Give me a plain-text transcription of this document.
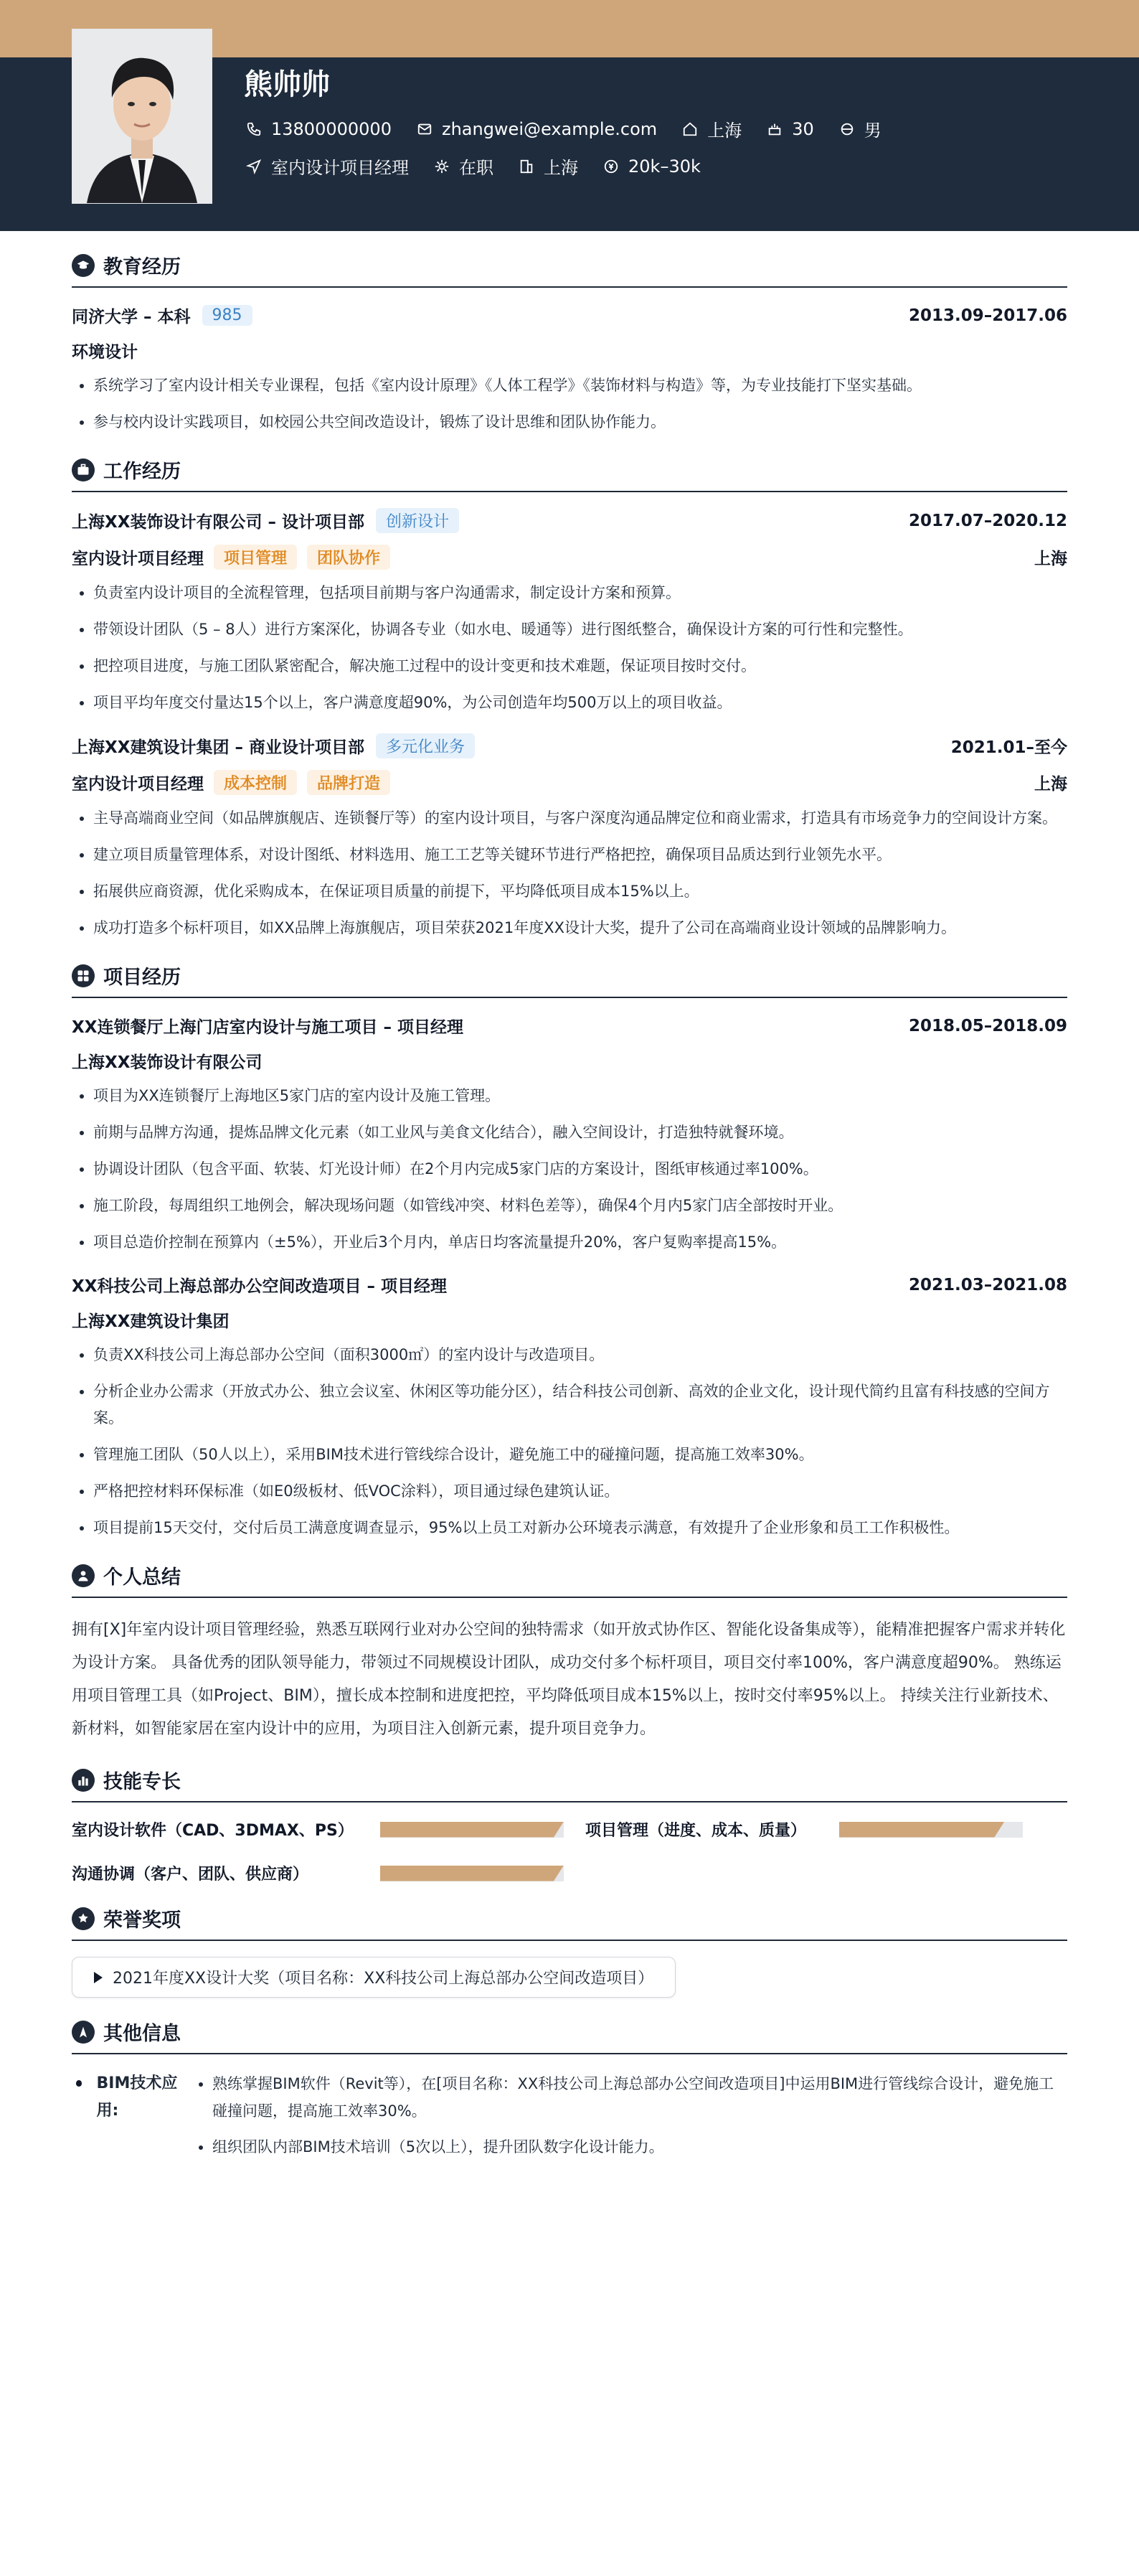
熊帅帅
13800000000	zhangwei@example.com	上海	30	男
室内设计项目经理	在职	上海	20k–30k
教育经历
同济大学 – 本科	985	2013.09–2017.06
环境设计
• 系统学习了室内设计相关专业课程，包括《室内设计原理》《人体工程学》《装饰材料与构造》等，为专业技能打下坚实基础。
• 参与校内设计实践项目，如校园公共空间改造设计，锻炼了设计思维和团队协作能力。
工作经历
上海XX装饰设计有限公司 – 设计项目部	创新设计	2017.07–2020.12
室内设计项目经理	项目管理	团队协作	上海
• 负责室内设计项目的全流程管理，包括项目前期与客户沟通需求，制定设计方案和预算。
• 带领设计团队（5 – 8人）进行方案深化，协调各专业（如水电、暖通等）进行图纸整合，确保设计方案的可行性和完整性。
• 把控项目进度，与施工团队紧密配合，解决施工过程中的设计变更和技术难题，保证项目按时交付。
• 项目平均年度交付量达15个以上，客户满意度超90%，为公司创造年均500万以上的项目收益。
上海XX建筑设计集团 – 商业设计项目部	多元化业务	2021.01–至今
室内设计项目经理	成本控制	品牌打造	上海
• 主导高端商业空间（如品牌旗舰店、连锁餐厅等）的室内设计项目，与客户深度沟通品牌定位和商业需求，打造具有市场竞争力的空间设计方案。
• 建立项目质量管理体系，对设计图纸、材料选用、施工工艺等关键环节进行严格把控，确保项目品质达到行业领先水平。
• 拓展供应商资源，优化采购成本，在保证项目质量的前提下，平均降低项目成本15%以上。
• 成功打造多个标杆项目，如XX品牌上海旗舰店，项目荣获2021年度XX设计大奖，提升了公司在高端商业设计领域的品牌影响力。
项目经历
XX连锁餐厅上海门店室内设计与施工项目 – 项目经理	2018.05–2018.09
上海XX装饰设计有限公司
• 项目为XX连锁餐厅上海地区5家门店的室内设计及施工管理。
• 前期与品牌方沟通，提炼品牌文化元素（如工业风与美食文化结合），融入空间设计，打造独特就餐环境。
• 协调设计团队（包含平面、软装、灯光设计师）在2个月内完成5家门店的方案设计，图纸审核通过率100%。
• 施工阶段，每周组织工地例会，解决现场问题（如管线冲突、材料色差等），确保4个月内5家门店全部按时开业。
• 项目总造价控制在预算内（±5%），开业后3个月内，单店日均客流量提升20%，客户复购率提高15%。
XX科技公司上海总部办公空间改造项目 – 项目经理	2021.03–2021.08
上海XX建筑设计集团
• 负责XX科技公司上海总部办公空间（面积3000㎡）的室内设计与改造项目。
• 分析企业办公需求（开放式办公、独立会议室、休闲区等功能分区），结合科技公司创新、高效的企业文化，设计现代简约且富有科技感的空间方案。
• 管理施工团队（50人以上），采用BIM技术进行管线综合设计，避免施工中的碰撞问题，提高施工效率30%。
• 严格把控材料环保标准（如E0级板材、低VOC涂料），项目通过绿色建筑认证。
• 项目提前15天交付，交付后员工满意度调查显示，95%以上员工对新办公环境表示满意，有效提升了企业形象和员工工作积极性。
个人总结
拥有[X]年室内设计项目管理经验，熟悉互联网行业对办公空间的独特需求（如开放式协作区、智能化设备集成等），能精准把握客户需求并转化为设计方案。 具备优秀的团队领导能力，带领过不同规模设计团队，成功交付多个标杆项目，项目交付率100%，客户满意度超90%。 熟练运用项目管理工具（如Project、BIM），擅长成本控制和进度把控，平均降低项目成本15%以上，按时交付率95%以上。 持续关注行业新技术、新材料，如智能家居在室内设计中的应用，为项目注入创新元素，提升项目竞争力。
技能专长
室内设计软件（CAD、3DMAX、PS）	项目管理（进度、成本、质量）
沟通协调（客户、团队、供应商）
荣誉奖项
2021年度XX设计大奖（项目名称：XX科技公司上海总部办公空间改造项目）
其他信息
BIM技术应用:
• 熟练掌握BIM软件（Revit等），在[项目名称：XX科技公司上海总部办公空间改造项目]中运用BIM进行管线综合设计，避免施工碰撞问题，提高施工效率30%。
• 组织团队内部BIM技术培训（5次以上），提升团队数字化设计能力。
